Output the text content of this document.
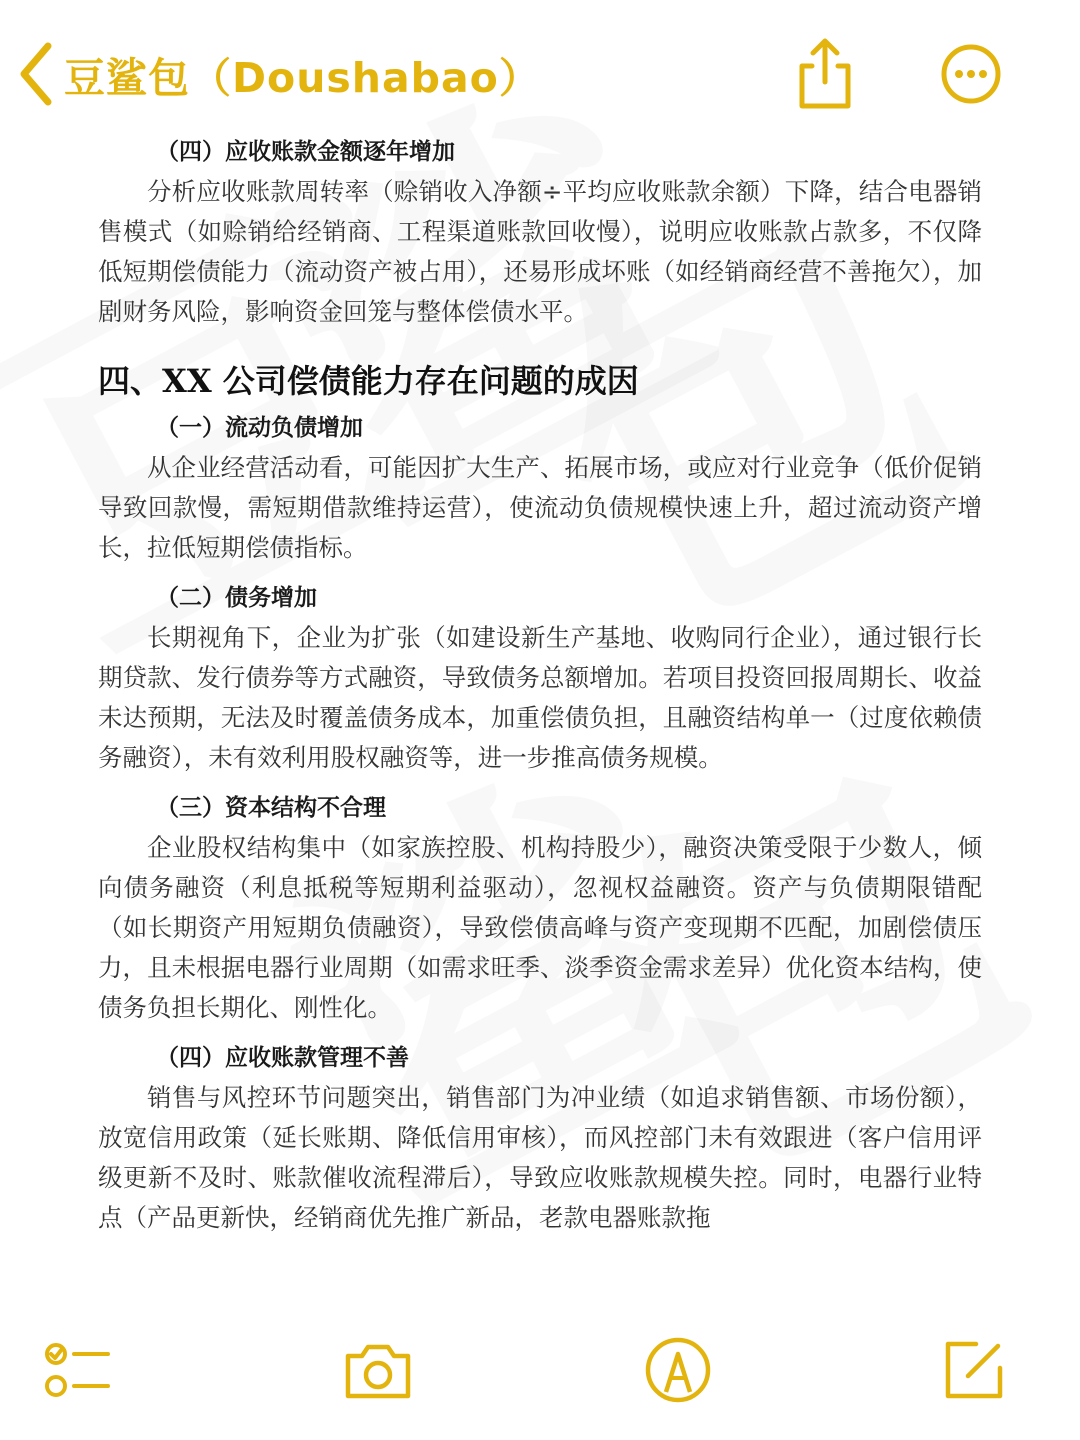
豆鲨包（Doushabao）

（四）应收账款金额逐年增加

分析应收账款周转率（赊销收入净额÷平均应收账款余额）下降，结合电器销售模式（如赊销给经销商、工程渠道账款回收慢），说明应收账款占款多，不仅降低短期偿债能力（流动资产被占用），还易形成坏账（如经销商经营不善拖欠），加剧财务风险，影响资金回笼与整体偿债水平。

四、XX 公司偿债能力存在问题的成因

（一）流动负债增加

从企业经营活动看，可能因扩大生产、拓展市场，或应对行业竞争（低价促销导致回款慢，需短期借款维持运营），使流动负债规模快速上升，超过流动资产增长，拉低短期偿债指标。

（二）债务增加

长期视角下，企业为扩张（如建设新生产基地、收购同行企业），通过银行长期贷款、发行债券等方式融资，导致债务总额增加。若项目投资回报周期长、收益未达预期，无法及时覆盖债务成本，加重偿债负担，且融资结构单一（过度依赖债务融资），未有效利用股权融资等，进一步推高债务规模。

（三）资本结构不合理

企业股权结构集中（如家族控股、机构持股少），融资决策受限于少数人，倾向债务融资（利息抵税等短期利益驱动），忽视权益融资。资产与负债期限错配（如长期资产用短期负债融资），导致偿债高峰与资产变现期不匹配，加剧偿债压力，且未根据电器行业周期（如需求旺季、淡季资金需求差异）优化资本结构，使债务负担长期化、刚性化。

（四）应收账款管理不善

销售与风控环节问题突出，销售部门为冲业绩（如追求销售额、市场份额），放宽信用政策（延长账期、降低信用审核），而风控部门未有效跟进（客户信用评级更新不及时、账款催收流程滞后），导致应收账款规模失控。同时，电器行业特点（产品更新快，经销商优先推广新品，老款电器账款拖
